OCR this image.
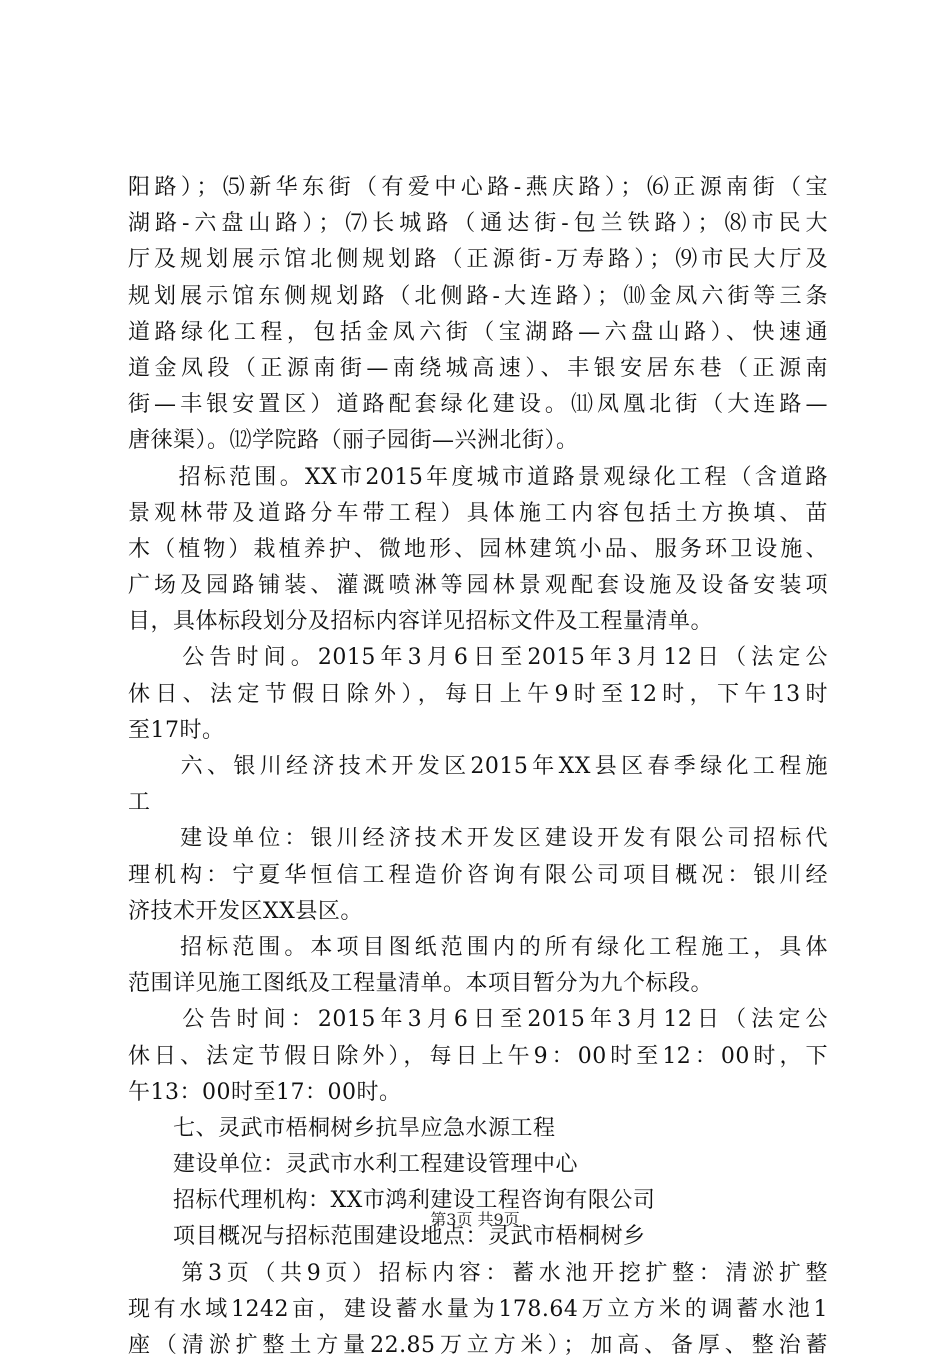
阳路）；⑸新华东街（有爱中心路-燕庆路）；⑹正源南街（宝
湖路-六盘山路）；⑺长城路（通达街-包兰铁路）；⑻市民大
厅及规划展示馆北侧规划路（正源街-万寿路）；⑼市民大厅及
规划展示馆东侧规划路（北侧路-大连路）；⑽金凤六街等三条
道路绿化工程，包括金凤六街（宝湖路—六盘山路）、快速通
道金凤段（正源南街—南绕城高速）、丰银安居东巷（正源南
街—丰银安置区）道路配套绿化建设。⑾凤凰北街（大连路—
唐徕渠）。⑿学院路（丽子园街—兴洲北街）。
　　招标范围。XX市2015年度城市道路景观绿化工程（含道路
景观林带及道路分车带工程）具体施工内容包括土方换填、苗
木（植物）栽植养护、微地形、园林建筑小品、服务环卫设施、
广场及园路铺装、灌溉喷淋等园林景观配套设施及设备安装项
目，具体标段划分及招标内容详见招标文件及工程量清单。
　　公告时间。2015年3月6日至2015年3月12日（法定公
休日、法定节假日除外），每日上午9时至12时，下午13时
至17时。
　　六、银川经济技术开发区2015年XX县区春季绿化工程施
工
　　建设单位：银川经济技术开发区建设开发有限公司招标代
理机构：宁夏华恒信工程造价咨询有限公司项目概况：银川经
济技术开发区XX县区。
　　招标范围。本项目图纸范围内的所有绿化工程施工，具体
范围详见施工图纸及工程量清单。本项目暂分为九个标段。
　　公告时间：2015年3月6日至2015年3月12日（法定公
休日、法定节假日除外），每日上午9：00时至12：00时，下
午13：00时至17：00时。
　　七、灵武市梧桐树乡抗旱应急水源工程
　　建设单位：灵武市水利工程建设管理中心
　　招标代理机构：XX市鸿利建设工程咨询有限公司
　　项目概况与招标范围建设地点：灵武市梧桐树乡
　　第3页（共9页）招标内容：蓄水池开挖扩整：清淤扩整
现有水域1242亩，建设蓄水量为178.64万立方米的调蓄水池1
座（清淤扩整土方量22.85万立方米）；加高、备厚、整治蓄
第3页 共9页
